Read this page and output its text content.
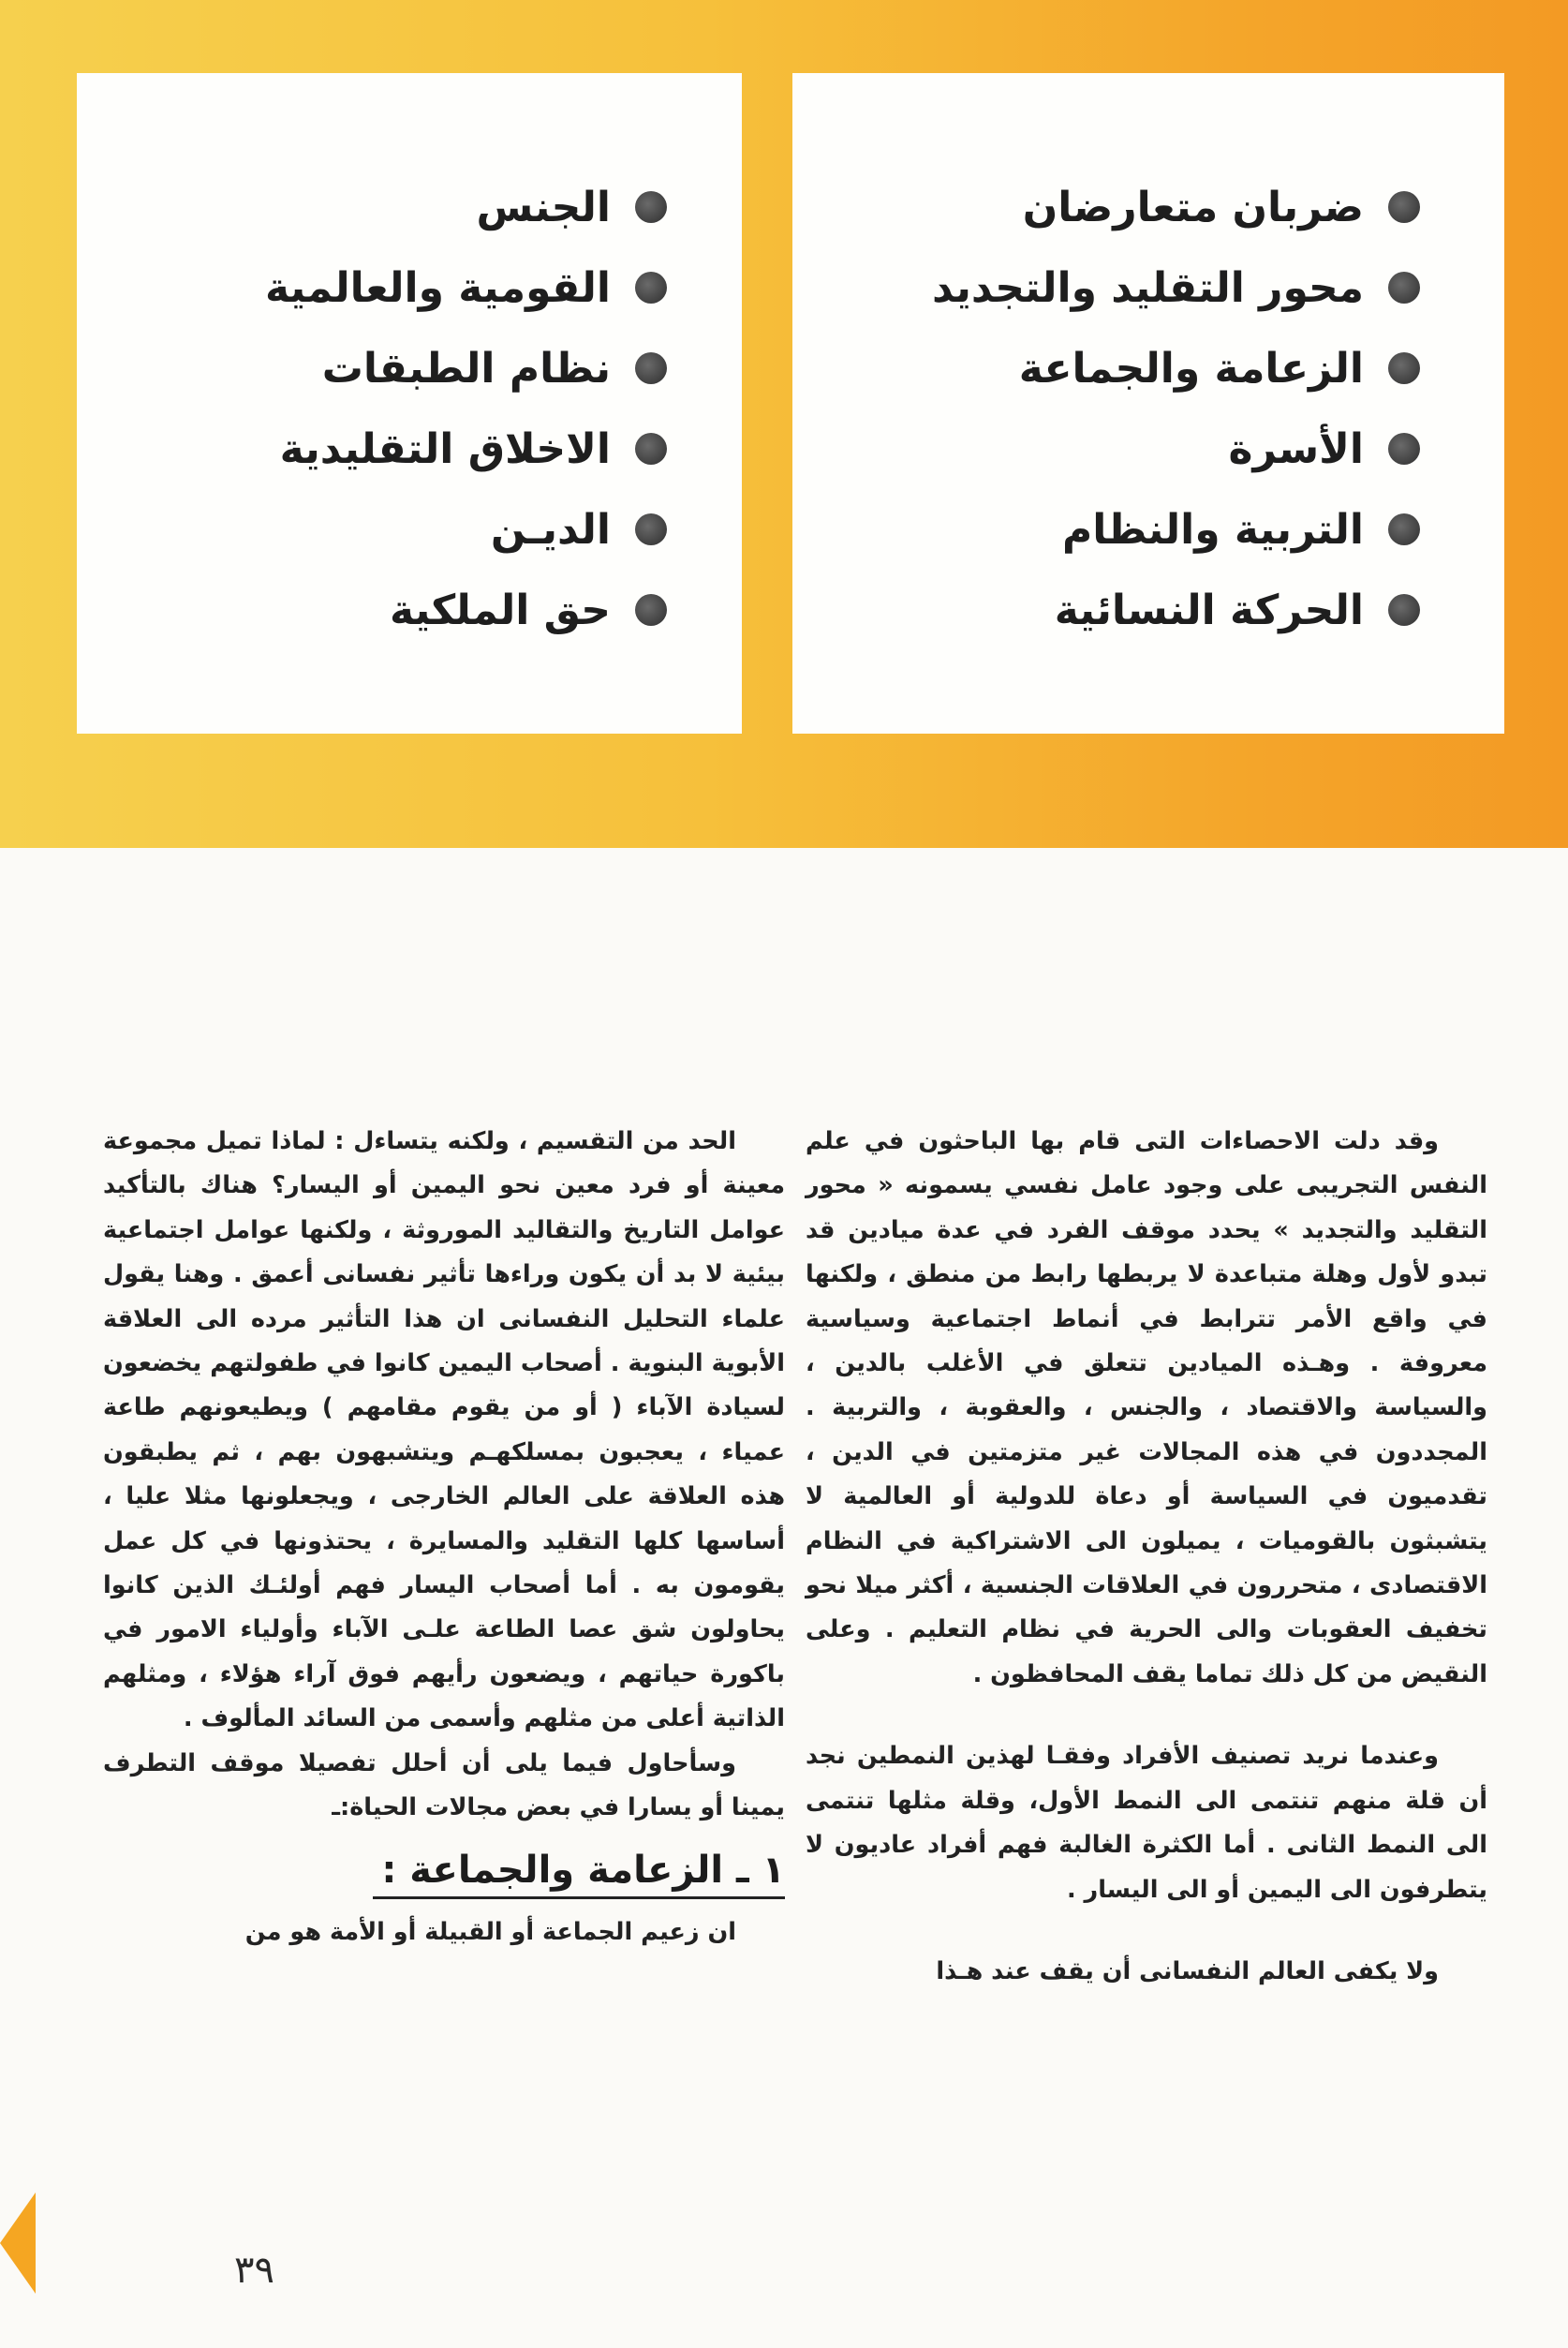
ضربان متعارضان
محور التقليد والتجديد
الزعامة والجماعة
الأسرة
التربية والنظام
الحركة النسائية
الجنس
القومية والعالمية
نظام الطبقات
الاخلاق التقليدية
الديـن
حق الملكية

وقد دلت الاحصاءات التى قام بها الباحثون في علم النفس التجريبى على وجود عامل نفسي يسمونه « محور التقليد والتجديد » يحدد موقف الفرد في عدة ميادين قد تبدو لأول وهلة متباعدة لا يربطها رابط من منطق ، ولكنها في واقع الأمر تترابط في أنماط اجتماعية وسياسية معروفة . وهـذه الميادين تتعلق في الأغلب بالدين ، والسياسة والاقتصاد ، والجنس ، والعقوبة ، والتربية . المجددون في هذه المجالات غير متزمتين في الدين ، تقدميون في السياسة أو دعاة للدولية أو العالمية لا يتشبثون بالقوميات ، يميلون الى الاشتراكية في النظام الاقتصادى ، متحررون في العلاقات الجنسية ، أكثر ميلا نحو تخفيف العقوبات والى الحرية في نظام التعليم . وعلى النقيض من كل ذلك تماما يقف المحافظون .

وعندما نريد تصنيف الأفراد وفقـا لهذين النمطين نجد أن قلة منهم تنتمى الى النمط الأول، وقلة مثلها تنتمى الى النمط الثانى . أما الكثرة الغالبة فهم أفراد عاديون لا يتطرفون الى اليمين أو الى اليسار .

ولا يكفى العالم النفسانى أن يقف عند هـذا

الحد من التقسيم ، ولكنه يتساءل : لماذا تميل مجموعة معينة أو فرد معين نحو اليمين أو اليسار؟ هناك بالتأكيد عوامل التاريخ والتقاليد الموروثة ، ولكنها عوامل اجتماعية بيئية لا بد أن يكون وراءها تأثير نفسانى أعمق . وهنا يقول علماء التحليل النفسانى ان هذا التأثير مرده الى العلاقة الأبوية البنوية . أصحاب اليمين كانوا في طفولتهم يخضعون لسيادة الآباء ( أو من يقوم مقامهم ) ويطيعونهم طاعة عمياء ، يعجبون بمسلكهـم ويتشبهون بهم ، ثم يطبقون هذه العلاقة على العالم الخارجى ، ويجعلونها مثلا عليا ، أساسها كلها التقليد والمسايرة ، يحتذونها في كل عمل يقومون به . أما أصحاب اليسار فهم أولئـك الذين كانوا يحاولون شق عصا الطاعة علـى الآباء وأولياء الامور في باكورة حياتهم ، ويضعون رأيهم فوق آراء هؤلاء ، ومثلهم الذاتية أعلى من مثلهم وأسمى من السائد المألوف .

وسأحاول فيما يلى أن أحلل تفصيلا موقف التطرف يمينا أو يسارا في بعض مجالات الحياة:ـ

١ ـ الزعامة والجماعة :

ان زعيم الجماعة أو القبيلة أو الأمة هو من

٣٩
